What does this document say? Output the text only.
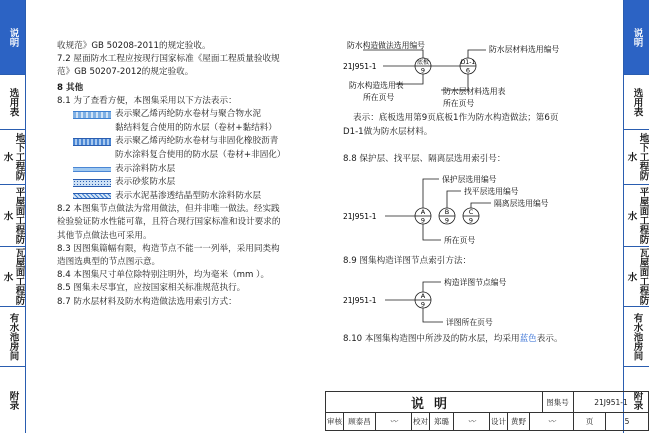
说明
选用表
地下工程防水
平屋面工程防水
瓦屋面工程防水
有水池房间
附录
说明
选用表
地下工程防水
平屋面工程防水
瓦屋面工程防水
有水池房间
附录

收规范》GB 50208-2011的规定验收。

7.2 屋面防水工程应按现行国家标准《屋面工程质量验收规

范》GB 50207-2012的规定验收。

8 其他

8.1 为了查看方便，本图集采用以下方法表示：

表示聚乙烯丙纶防水卷材与聚合物水泥
黏结料复合使用的防水层（卷材+黏结料）
表示聚乙烯丙纶防水卷材与非固化橡胶沥青
防水涂料复合使用的防水层（卷材+非固化）
表示涂料防水层
表示砂浆防水层
表示水泥基渗透结晶型防水涂料防水层

8.2 本图集节点做法为常用做法，但并非唯一做法。经实践

检验验证防水性能可靠，且符合现行国家标准和设计要求的

其他节点做法也可采用。

8.3 因图集篇幅有限，构造节点不能一一列举，采用同类构

造图选典型的节点图示意。

8.4 本图集尺寸单位除特别注明外，均为毫米（mm ）。

8.5 图集未尽事宜，应按国家相关标准规范执行。

8.7 防水层材料及防水构造做法选用索引方式：

防水构造做法选用编号	防水层材料选用编号
21J951-1	底板
9
D1-1
6
防水构造选用表
所在页号
防水层材料选用表
所在页号

表示：底板选用第9页底板1作为防水构造做法；第6页

D1-1做为防水层材料。

8.8 保护层、找平层、隔离层选用索引号：

21J951-1	A
9
B
9
C
9
保护层选用编号
找平层选用编号
隔离层选用编号
所在页号

8.9 图集构造详图节点索引方法：

21J951-1	A
9
构造详图节点编号
详图所在页号

8.10 本图集构造图中所涉及的防水层，均采用蓝色表示。

说明	图集号	21J951-1
审核 顾泰昌	〰	校对 郑璐	〰	设计 黄野	〰	页	5
